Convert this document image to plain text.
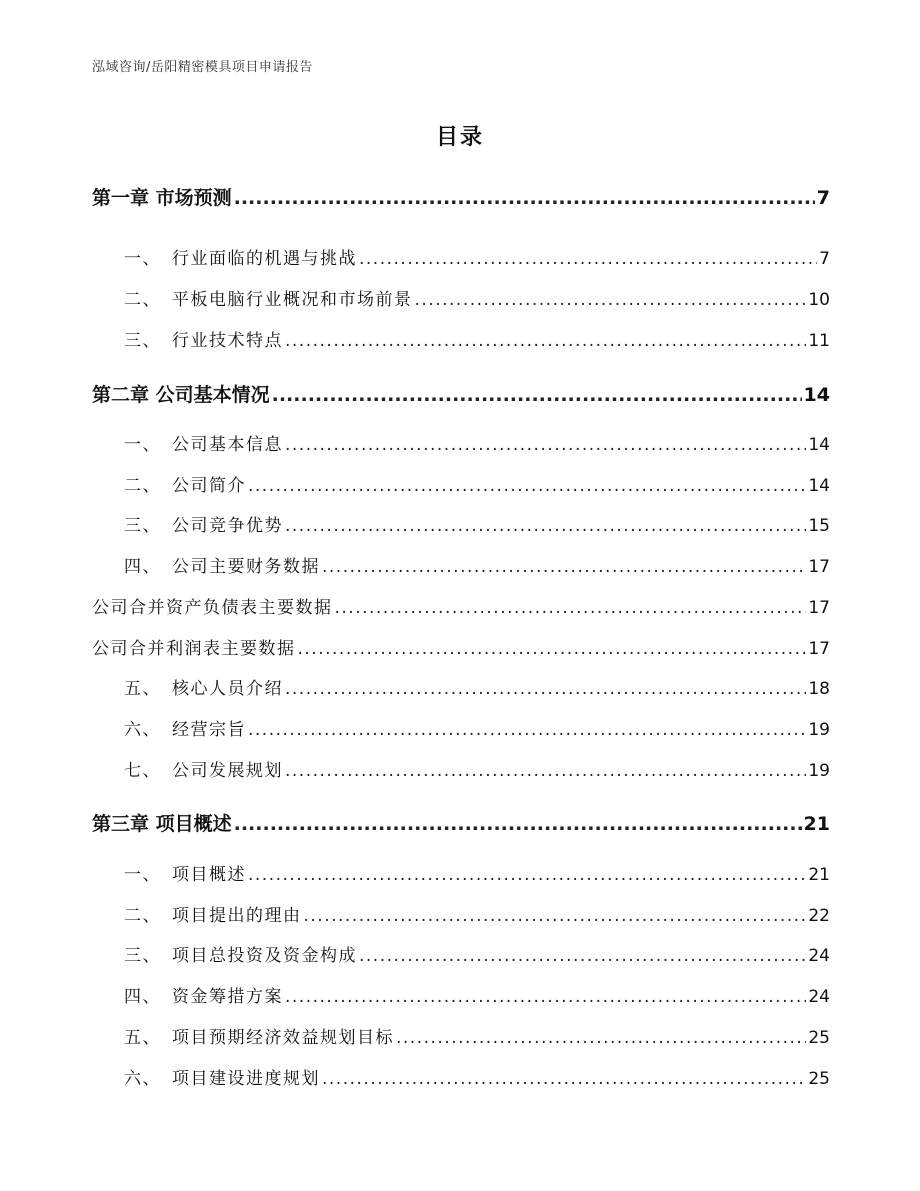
泓域咨询/岳阳精密模具项目申请报告
目录
第一章 市场预测 .....	7
一、 行业面临的机遇与挑战 .....	7
二、 平板电脑行业概况和市场前景 .....	10
三、 行业技术特点 .....	11
第二章 公司基本情况 .....	14
一、 公司基本信息 .....	14
二、 公司简介 .....	14
三、 公司竞争优势 .....	15
四、 公司主要财务数据 .....	17
公司合并资产负债表主要数据 .....	17
公司合并利润表主要数据 .....	17
五、 核心人员介绍 .....	18
六、 经营宗旨 .....	19
七、 公司发展规划 .....	19
第三章 项目概述 .....	21
一、 项目概述 .....	21
二、 项目提出的理由 .....	22
三、 项目总投资及资金构成 .....	24
四、 资金筹措方案 .....	24
五、 项目预期经济效益规划目标 .....	25
六、 项目建设进度规划 .....	25
